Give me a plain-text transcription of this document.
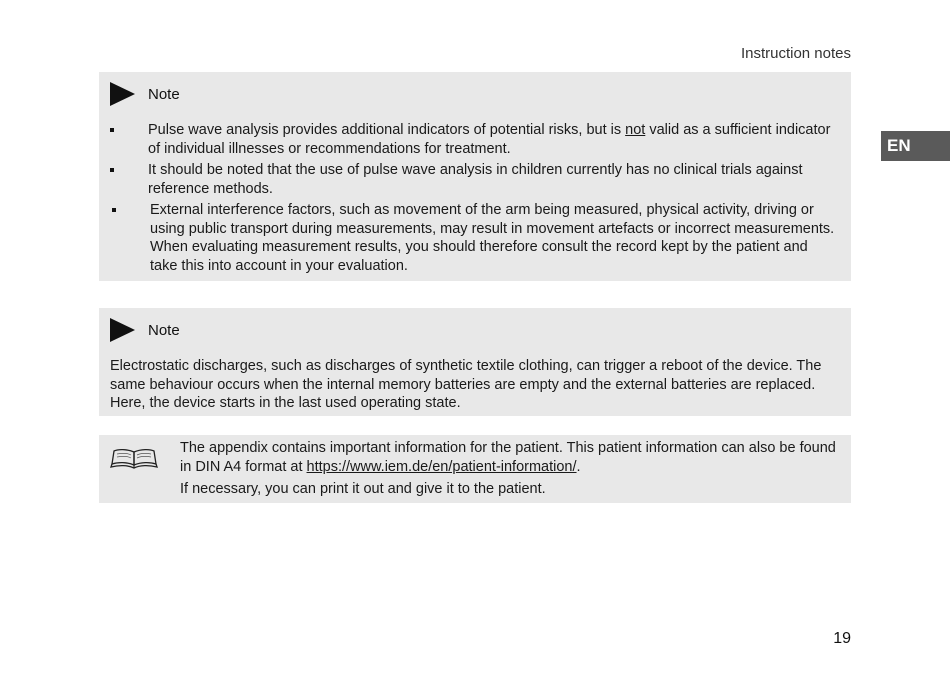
Instruction notes
EN
Note
Pulse wave analysis provides additional indicators of potential risks, but is not valid as a sufficient indicator of individual illnesses or recommendations for treatment.
It should be noted that the use of pulse wave analysis in children currently has no clinical trials against reference methods.
External interference factors, such as movement of the arm being measured, physical activity, driving or using public transport during measurements, may result in movement artefacts or incorrect measurements. When evaluating measurement results, you should therefore consult the record kept by the patient and take this into account in your evaluation.
Note

Electrostatic discharges, such as discharges of synthetic textile clothing, can trigger a reboot of the device. The same behaviour occurs when the internal memory batteries are empty and the external batteries are replaced. Here, the device starts in the last used operating state.

The appendix contains important information for the patient. This patient information can also be found in DIN A4 format at https://www.iem.de/en/patient-information/.

If necessary, you can print it out and give it to the patient.

19
